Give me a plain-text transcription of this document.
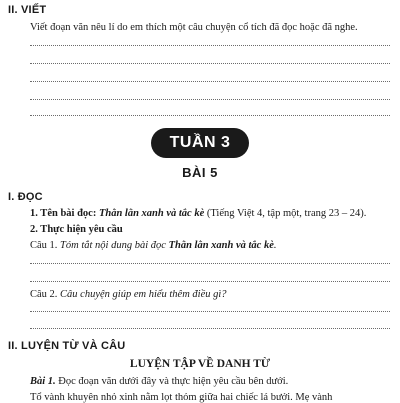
II. VIẾT
Viết đoạn văn nêu lí do em thích một câu chuyện cổ tích đã đọc hoặc đã nghe.
TUẦN 3
BÀI 5
I. ĐỌC
1. Tên bài đọc: Thằn lằn xanh và tắc kè (Tiếng Việt 4, tập một, trang 23 – 24).
2. Thực hiện yêu cầu
Câu 1. Tóm tắt nội dung bài đọc Thằn lằn xanh và tắc kè.
Câu 2. Câu chuyện giúp em hiểu thêm điều gì?
II. LUYỆN TỪ VÀ CÂU
LUYỆN TẬP VỀ DANH TỪ
Bài 1. Đọc đoạn văn dưới đây và thực hiện yêu cầu bên dưới.
Tổ vành khuyên nhỏ xinh nằm lọt thỏm giữa hai chiếc lá bưởi. Mẹ vành
